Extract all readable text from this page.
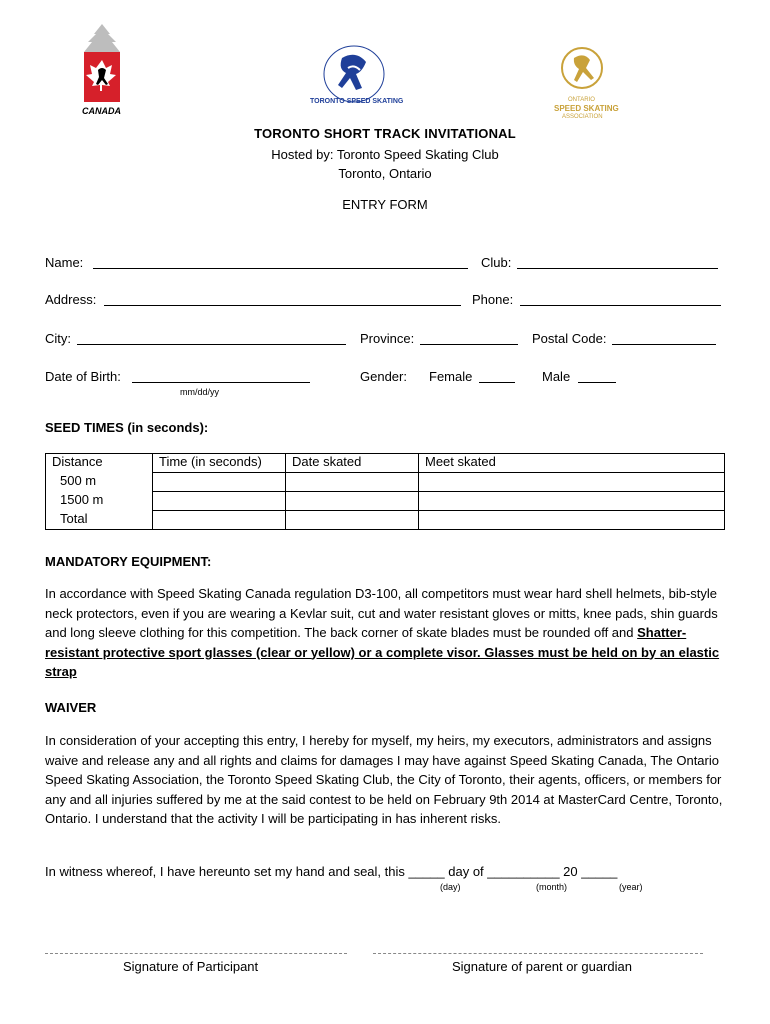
CANADA
TORONTO SPEED SKATING	ONTARIO
SPEED SKATING
ASSOCIATION
TORONTO SHORT TRACK INVITATIONAL
Hosted by: Toronto Speed Skating Club
Toronto, Ontario
ENTRY FORM
Name:	Club:
Address:	Phone:
City:	Province:	Postal Code:
Date of Birth:
mm/dd/yy
Gender: Female	Male
SEED TIMES (in seconds):
Distance	Time (in seconds)	Date skated	Meet skated
500 m			
1500 m			
Total			
MANDATORY EQUIPMENT:
In accordance with Speed Skating Canada regulation D3-100, all competitors must wear hard shell helmets, bib-style neck protectors, even if you are wearing a Kevlar suit, cut and water resistant gloves or mitts, knee pads, shin guards and long sleeve clothing for this competition. The back corner of skate blades must be rounded off and Shatter-resistant protective sport glasses (clear or yellow) or a complete visor. Glasses must be held on by an elastic strap
WAIVER
In consideration of your accepting this entry, I hereby for myself, my heirs, my executors, administrators and assigns waive and release any and all rights and claims for damages I may have against Speed Skating Canada, The Ontario Speed Skating Association, the Toronto Speed Skating Club, the City of Toronto, their agents, officers, or members for any and all injuries suffered by me at the said contest to be held on February 9th 2014 at MasterCard Centre, Toronto, Ontario. I understand that the activity I will be participating in has inherent risks.
In witness whereof, I have hereunto set my hand and seal, this _____ day of __________ 20 _____
(day)	(month)	(year)
Signature of Participant	Signature of parent or guardian
